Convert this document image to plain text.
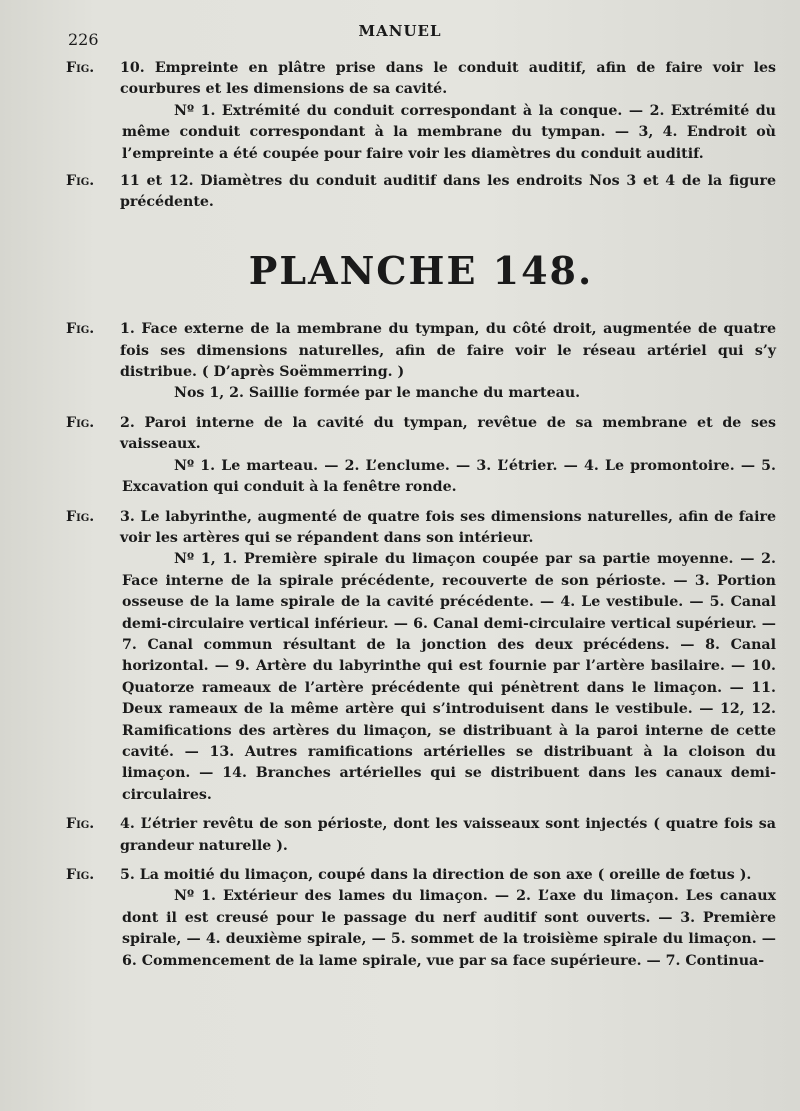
226	MANUEL
Fig.	10. Empreinte en plâtre prise dans le conduit auditif, afin de faire voir les courbures et les dimensions de sa cavité.

Nº 1. Extrémité du conduit correspondant à la conque. — 2. Extrémité du même conduit correspondant à la membrane du tympan. — 3, 4. Endroit où l’empreinte a été coupée pour faire voir les diamètres du conduit auditif.

Fig.	11 et 12. Diamètres du conduit auditif dans les endroits Nos 3 et 4 de la figure précédente.
PLANCHE 148.
Fig.	1. Face externe de la membrane du tympan, du côté droit, augmentée de quatre fois ses dimensions naturelles, afin de faire voir le réseau artériel qui s’y distribue. ( D’après Soëmmerring. )

Nos 1, 2. Saillie formée par le manche du marteau.

Fig.	2. Paroi interne de la cavité du tympan, revêtue de sa membrane et de ses vaisseaux.

Nº 1. Le marteau. — 2. L’enclume. — 3. L’étrier. — 4. Le promontoire. — 5. Excavation qui conduit à la fenêtre ronde.

Fig.	3. Le labyrinthe, augmenté de quatre fois ses dimensions naturelles, afin de faire voir les artères qui se répandent dans son intérieur.

Nº 1, 1. Première spirale du limaçon coupée par sa partie moyenne. — 2. Face interne de la spirale précédente, recouverte de son périoste. — 3. Portion osseuse de la lame spirale de la cavité précédente. — 4. Le vestibule. — 5. Canal demi-circulaire vertical inférieur. — 6. Canal demi-circulaire vertical supérieur. — 7. Canal commun résultant de la jonction des deux précédens. — 8. Canal horizontal. — 9. Artère du labyrinthe qui est fournie par l’artère basilaire. — 10. Quatorze rameaux de l’artère précédente qui pénètrent dans le limaçon. — 11. Deux rameaux de la même artère qui s’introduisent dans le vestibule. — 12, 12. Ramifications des artères du limaçon, se distribuant à la paroi interne de cette cavité. — 13. Autres ramifications artérielles se distribuant à la cloison du limaçon. — 14. Branches artérielles qui se distribuent dans les canaux demi-circulaires.

Fig.	4. L’étrier revêtu de son périoste, dont les vaisseaux sont injectés ( quatre fois sa grandeur naturelle ).
Fig.	5. La moitié du limaçon, coupé dans la direction de son axe ( oreille de fœtus ).

Nº 1. Extérieur des lames du limaçon. — 2. L’axe du limaçon. Les canaux dont il est creusé pour le passage du nerf auditif sont ouverts. — 3. Première spirale, — 4. deuxième spirale, — 5. sommet de la troisième spirale du limaçon. — 6. Commencement de la lame spirale, vue par sa face supérieure. — 7. Continua-
